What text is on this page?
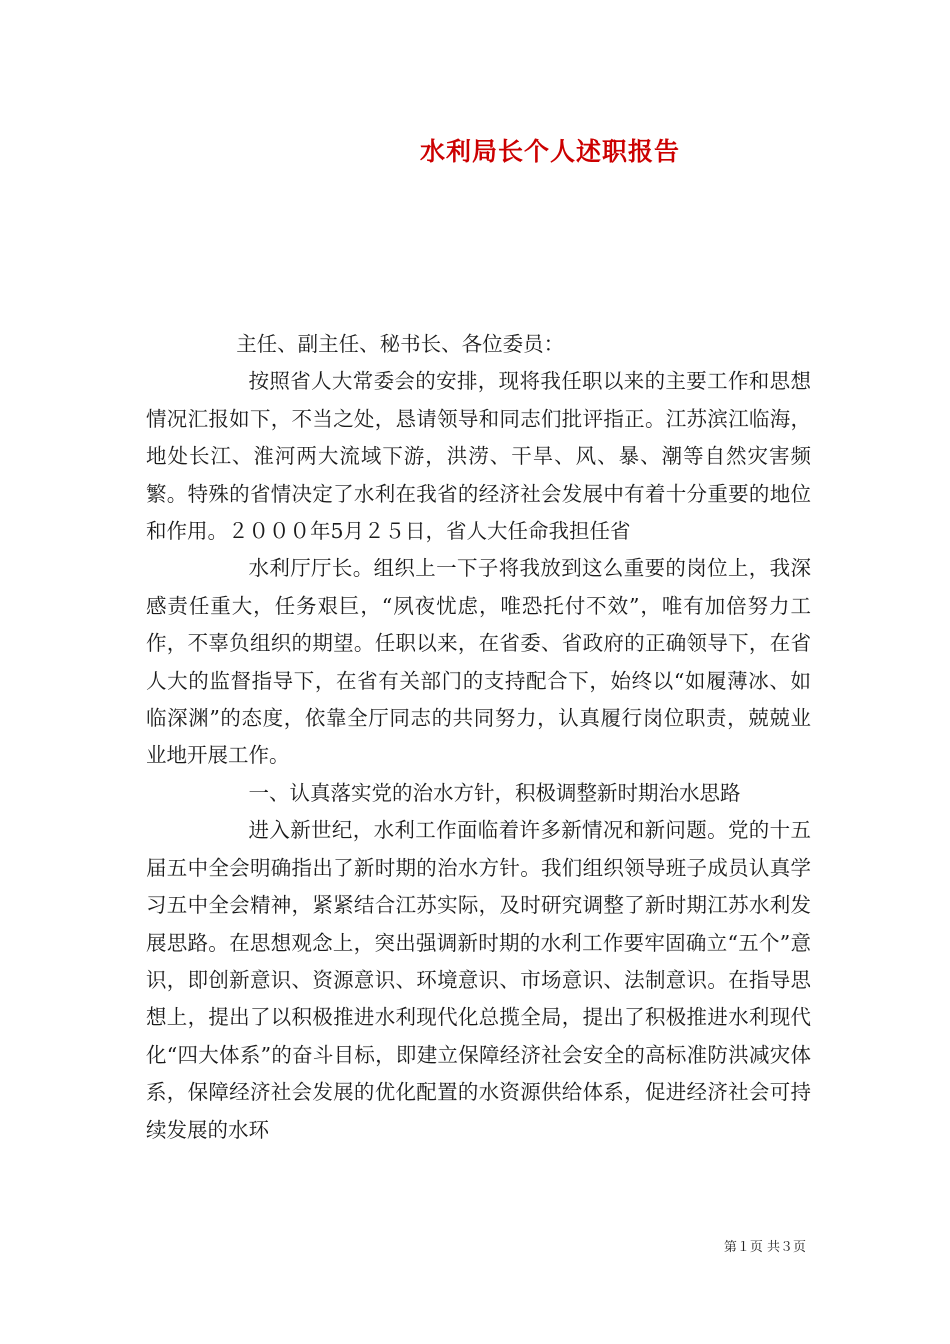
水利局长个人述职报告

主任、副主任、秘书长、各位委员：

按照省人大常委会的安排，现将我任职以来的主要工作和思想情况汇报如下，不当之处，恳请领导和同志们批评指正。江苏滨江临海，地处长江、淮河两大流域下游，洪涝、干旱、风、暴、潮等自然灾害频繁。特殊的省情决定了水利在我省的经济社会发展中有着十分重要的地位和作用。２０００年5月２５日，省人大任命我担任省

水利厅厅长。组织上一下子将我放到这么重要的岗位上，我深感责任重大，任务艰巨，“夙夜忧虑，唯恐托付不效”，唯有加倍努力工作，不辜负组织的期望。任职以来，在省委、省政府的正确领导下，在省人大的监督指导下，在省有关部门的支持配合下，始终以“如履薄冰、如临深渊”的态度，依靠全厅同志的共同努力，认真履行岗位职责，兢兢业业地开展工作。

一、认真落实党的治水方针，积极调整新时期治水思路

进入新世纪，水利工作面临着许多新情况和新问题。党的十五届五中全会明确指出了新时期的治水方针。我们组织领导班子成员认真学习五中全会精神，紧紧结合江苏实际，及时研究调整了新时期江苏水利发展思路。在思想观念上，突出强调新时期的水利工作要牢固确立“五个”意识，即创新意识、资源意识、环境意识、市场意识、法制意识。在指导思想上，提出了以积极推进水利现代化总揽全局，提出了积极推进水利现代化“四大体系”的奋斗目标，即建立保障经济社会安全的高标准防洪减灾体系，保障经济社会发展的优化配置的水资源供给体系，促进经济社会可持续发展的水环

第１页 共３页
